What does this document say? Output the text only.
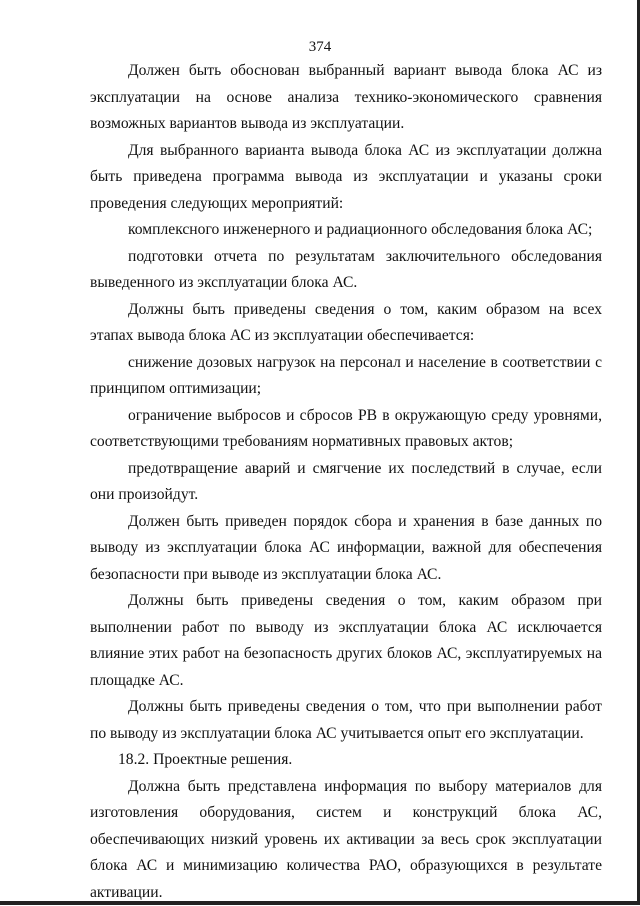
374

Должен быть обоснован выбранный вариант вывода блока АС из эксплуатации на основе анализа технико-экономического сравнения возможных вариантов вывода из эксплуатации.

Для выбранного варианта вывода блока АС из эксплуатации должна быть приведена программа вывода из эксплуатации и указаны сроки проведения следующих мероприятий:

комплексного инженерного и радиационного обследования блока АС;

подготовки отчета по результатам заключительного обследования выведенного из эксплуатации блока АС.

Должны быть приведены сведения о том, каким образом на всех этапах вывода блока АС из эксплуатации обеспечивается:

снижение дозовых нагрузок на персонал и население в соответствии с принципом оптимизации;

ограничение выбросов и сбросов РВ в окружающую среду уровнями, соответствующими требованиям нормативных правовых актов;

предотвращение аварий и смягчение их последствий в случае, если они произойдут.

Должен быть приведен порядок сбора и хранения в базе данных по выводу из эксплуатации блока АС информации, важной для обеспечения безопасности при выводе из эксплуатации блока АС.

Должны быть приведены сведения о том, каким образом при выполнении работ по выводу из эксплуатации блока АС исключается влияние этих работ на безопасность других блоков АС, эксплуатируемых на площадке АС.

Должны быть приведены сведения о том, что при выполнении работ по выводу из эксплуатации блока АС учитывается опыт его эксплуатации.

18.2. Проектные решения.

Должна быть представлена информация по выбору материалов для изготовления оборудования, систем и конструкций блока АС, обеспечивающих низкий уровень их активации за весь срок эксплуатации блока АС и минимизацию количества РАО, образующихся в результате активации.
